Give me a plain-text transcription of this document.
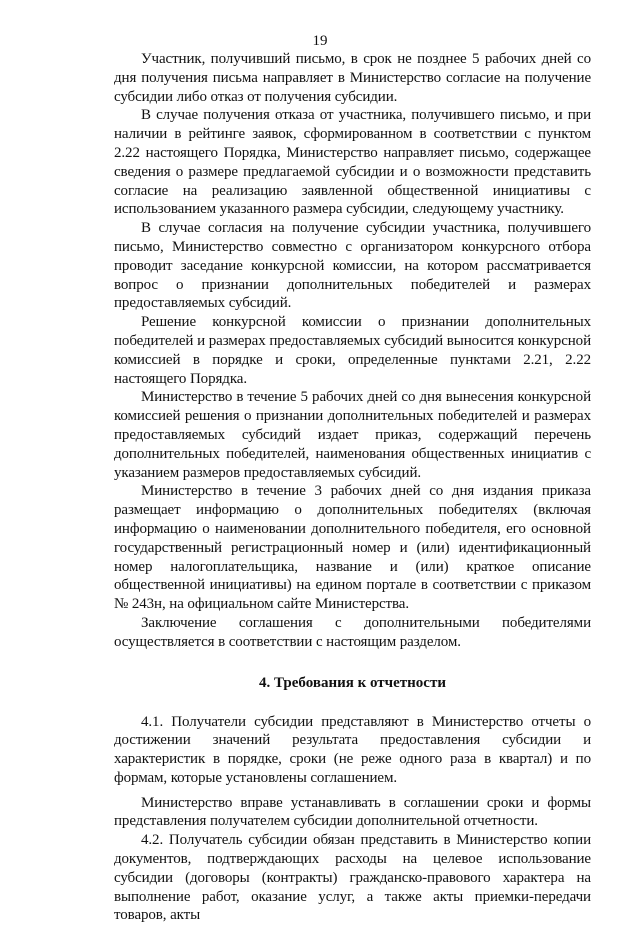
19

Участник, получивший письмо, в срок не позднее 5 рабочих дней со дня получения письма направляет в Министерство согласие на получение субсидии либо отказ от получения субсидии.

В случае получения отказа от участника, получившего письмо, и при наличии в рейтинге заявок, сформированном в соответствии с пунктом 2.22 настоящего Порядка, Министерство направляет письмо, содержащее сведения о размере предлагаемой субсидии и о возможности представить согласие на реализацию заявленной общественной инициативы с использованием указанного размера субсидии, следующему участнику.

В случае согласия на получение субсидии участника, получившего письмо, Министерство совместно с организатором конкурсного отбора проводит заседание конкурсной комиссии, на котором рассматривается вопрос о признании дополнительных победителей и размерах предоставляемых субсидий.

Решение конкурсной комиссии о признании дополнительных победителей и размерах предоставляемых субсидий выносится конкурсной комиссией в порядке и сроки, определенные пунктами 2.21, 2.22 настоящего Порядка.

Министерство в течение 5 рабочих дней со дня вынесения конкурсной комиссией решения о признании дополнительных победителей и размерах предоставляемых субсидий издает приказ, содержащий перечень дополнительных победителей, наименования общественных инициатив с указанием размеров предоставляемых субсидий.

Министерство в течение 3 рабочих дней со дня издания приказа размещает информацию о дополнительных победителях (включая информацию о наименовании дополнительного победителя, его основной государственный регистрационный номер и (или) идентификационный номер налогоплательщика, название и (или) краткое описание общественной инициативы) на едином портале в соответствии с приказом № 243н, на официальном сайте Министерства.

Заключение соглашения с дополнительными победителями осуществляется в соответствии с настоящим разделом.

4. Требования к отчетности

4.1. Получатели субсидии представляют в Министерство отчеты о достижении значений результата предоставления субсидии и характеристик в порядке, сроки (не реже одного раза в квартал) и по формам, которые установлены соглашением.

Министерство вправе устанавливать в соглашении сроки и формы представления получателем субсидии дополнительной отчетности.

4.2. Получатель субсидии обязан представить в Министерство копии документов, подтверждающих расходы на целевое использование субсидии (договоры (контракты) гражданско-правового характера на выполнение работ, оказание услуг, а также акты приемки-передачи товаров, акты
